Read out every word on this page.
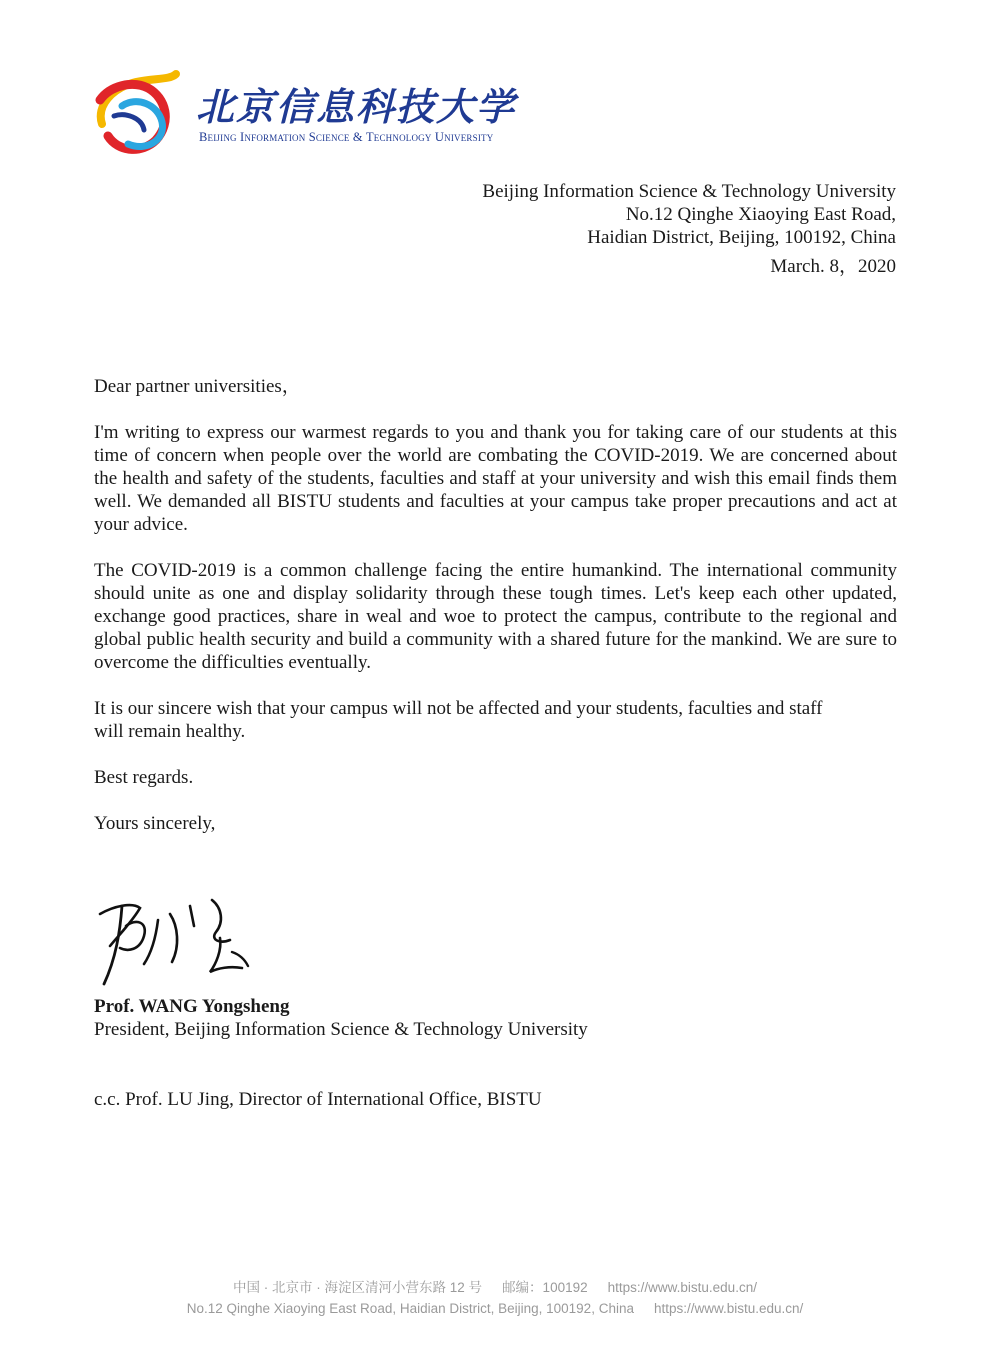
北京信息科技大学
Beijing Information Science & Technology University
Beijing Information Science & Technology University
No.12 Qinghe Xiaoying East Road,
Haidian District, Beijing, 100192, China
March. 8，2020

Dear partner universities，

I'm writing to express our warmest regards to you and thank you for taking care of our students at this time of concern when people over the world are combating the COVID-2019. We are concerned about the health and safety of the students, faculties and staff at your university and wish this email finds them well. We demanded all BISTU students and faculties at your campus take proper precautions and act at your advice.

The COVID-2019 is a common challenge facing the entire humankind. The international community should unite as one and display solidarity through these tough times. Let's keep each other updated, exchange good practices, share in weal and woe to protect the campus, contribute to the regional and global public health security and build a community with a shared future for the mankind. We are sure to overcome the difficulties eventually.

It is our sincere wish that your campus will not be affected and your students, faculties and staff will remain healthy.

Best regards.

Yours sincerely,

Prof. WANG Yongsheng
President, Beijing Information Science & Technology University
c.c. Prof. LU Jing, Director of International Office, BISTU
中国 · 北京市 · 海淀区清河小营东路 12 号 邮编：100192 https://www.bistu.edu.cn/
No.12 Qinghe Xiaoying East Road, Haidian District, Beijing, 100192, China https://www.bistu.edu.cn/
